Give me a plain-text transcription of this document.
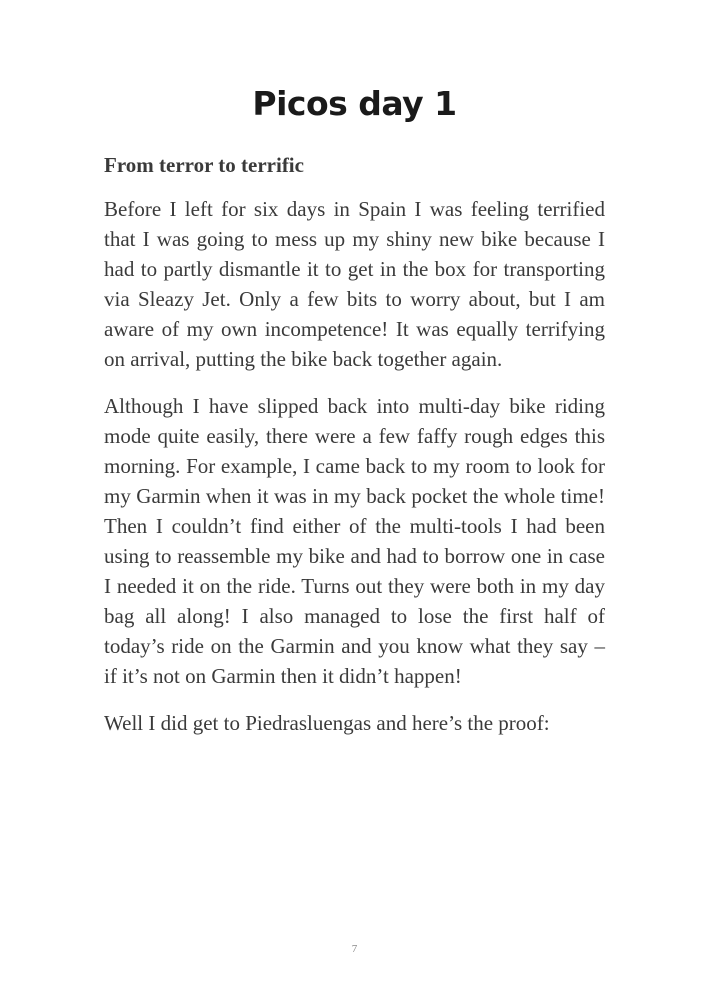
Picos day 1
From terror to terrific

Before I left for six days in Spain I was feeling terrified that I was going to mess up my shiny new bike because I had to partly dismantle it to get in the box for transporting via Sleazy Jet. Only a few bits to worry about, but I am aware of my own incompetence! It was equally terrifying on arrival, putting the bike back together again.

Although I have slipped back into multi-day bike riding mode quite easily, there were a few faffy rough edges this morning. For example, I came back to my room to look for my Garmin when it was in my back pocket the whole time! Then I couldn’t find either of the multi-tools I had been using to reassemble my bike and had to borrow one in case I needed it on the ride. Turns out they were both in my day bag all along! I also managed to lose the first half of today’s ride on the Garmin and you know what they say – if it’s not on Garmin then it didn’t happen!

Well I did get to Piedrasluengas and here’s the proof:

7
